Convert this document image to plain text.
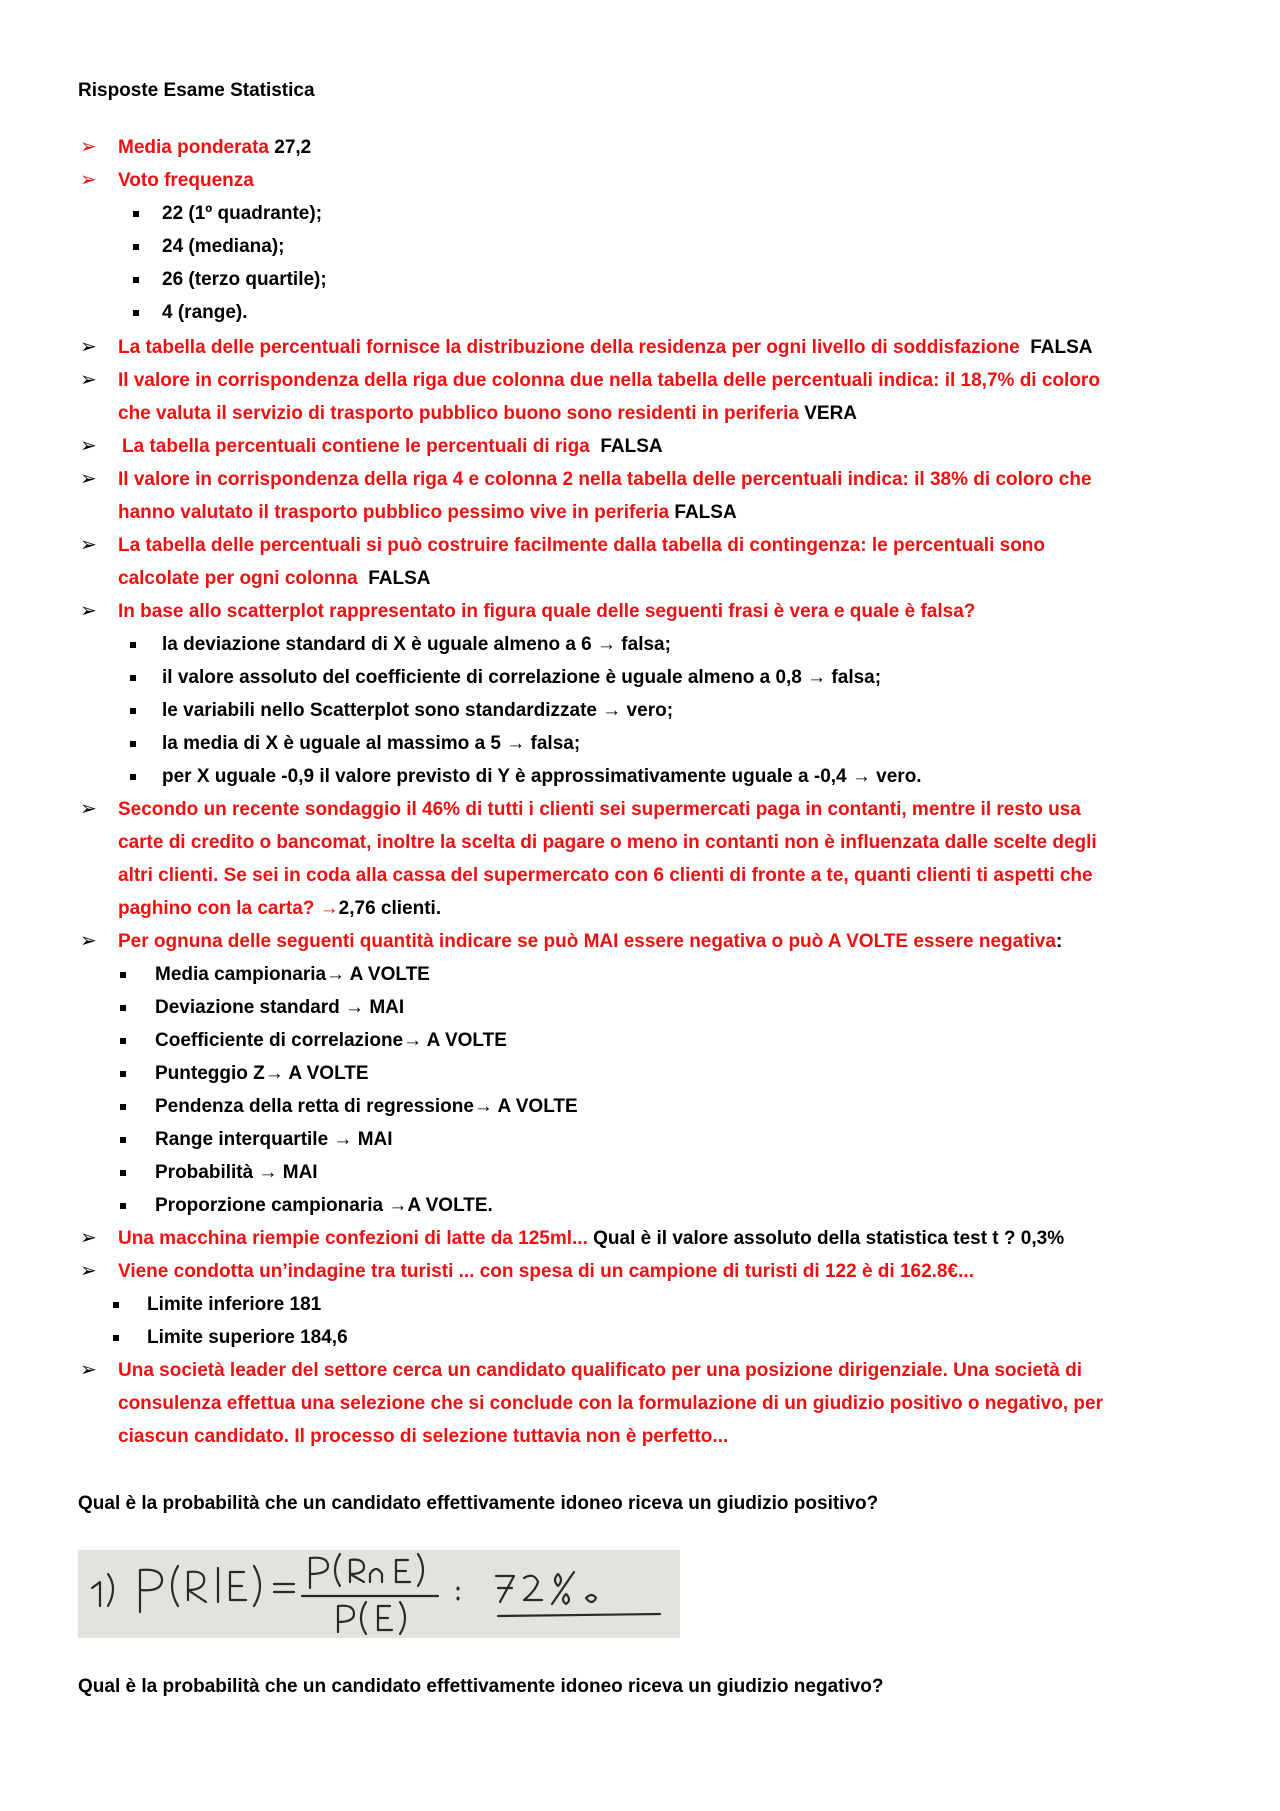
Risposte Esame Statistica
➢ Media ponderata 27,2
➢ Voto frequenza
22 (1º quadrante);
24 (mediana);
26 (terzo quartile);
4 (range).
➢ La tabella delle percentuali fornisce la distribuzione della residenza per ogni livello di soddisfazione FALSA
➢ Il valore in corrispondenza della riga due colonna due nella tabella delle percentuali indica: il 18,7% di coloro
che valuta il servizio di trasporto pubblico buono sono residenti in periferia VERA
➢ La tabella percentuali contiene le percentuali di riga FALSA
➢ Il valore in corrispondenza della riga 4 e colonna 2 nella tabella delle percentuali indica: il 38% di coloro che
hanno valutato il trasporto pubblico pessimo vive in periferia FALSA
➢ La tabella delle percentuali si può costruire facilmente dalla tabella di contingenza: le percentuali sono
calcolate per ogni colonna FALSA
➢ In base allo scatterplot rappresentato in figura quale delle seguenti frasi è vera e quale è falsa?
la deviazione standard di X è uguale almeno a 6 → falsa;
il valore assoluto del coefficiente di correlazione è uguale almeno a 0,8 → falsa;
le variabili nello Scatterplot sono standardizzate → vero;
la media di X è uguale al massimo a 5 → falsa;
per X uguale -0,9 il valore previsto di Y è approssimativamente uguale a -0,4 → vero.
➢ Secondo un recente sondaggio il 46% di tutti i clienti sei supermercati paga in contanti, mentre il resto usa
carte di credito o bancomat, inoltre la scelta di pagare o meno in contanti non è influenzata dalle scelte degli
altri clienti. Se sei in coda alla cassa del supermercato con 6 clienti di fronte a te, quanti clienti ti aspetti che
paghino con la carta? →2,76 clienti.
➢ Per ognuna delle seguenti quantità indicare se può MAI essere negativa o può A VOLTE essere negativa:
Media campionaria→ A VOLTE
Deviazione standard → MAI
Coefficiente di correlazione→ A VOLTE
Punteggio Z→ A VOLTE
Pendenza della retta di regressione→ A VOLTE
Range interquartile → MAI
Probabilità → MAI
Proporzione campionaria →A VOLTE.
➢ Una macchina riempie confezioni di latte da 125ml... Qual è il valore assoluto della statistica test t ? 0,3%
➢ Viene condotta un’indagine tra turisti ... con spesa di un campione di turisti di 122 è di 162.8€...
Limite inferiore 181
Limite superiore 184,6
➢ Una società leader del settore cerca un candidato qualificato per una posizione dirigenziale. Una società di
consulenza effettua una selezione che si conclude con la formulazione di un giudizio positivo o negativo, per
ciascun candidato. Il processo di selezione tuttavia non è perfetto...
Qual è la probabilità che un candidato effettivamente idoneo riceva un giudizio positivo?
Qual è la probabilità che un candidato effettivamente idoneo riceva un giudizio negativo?
